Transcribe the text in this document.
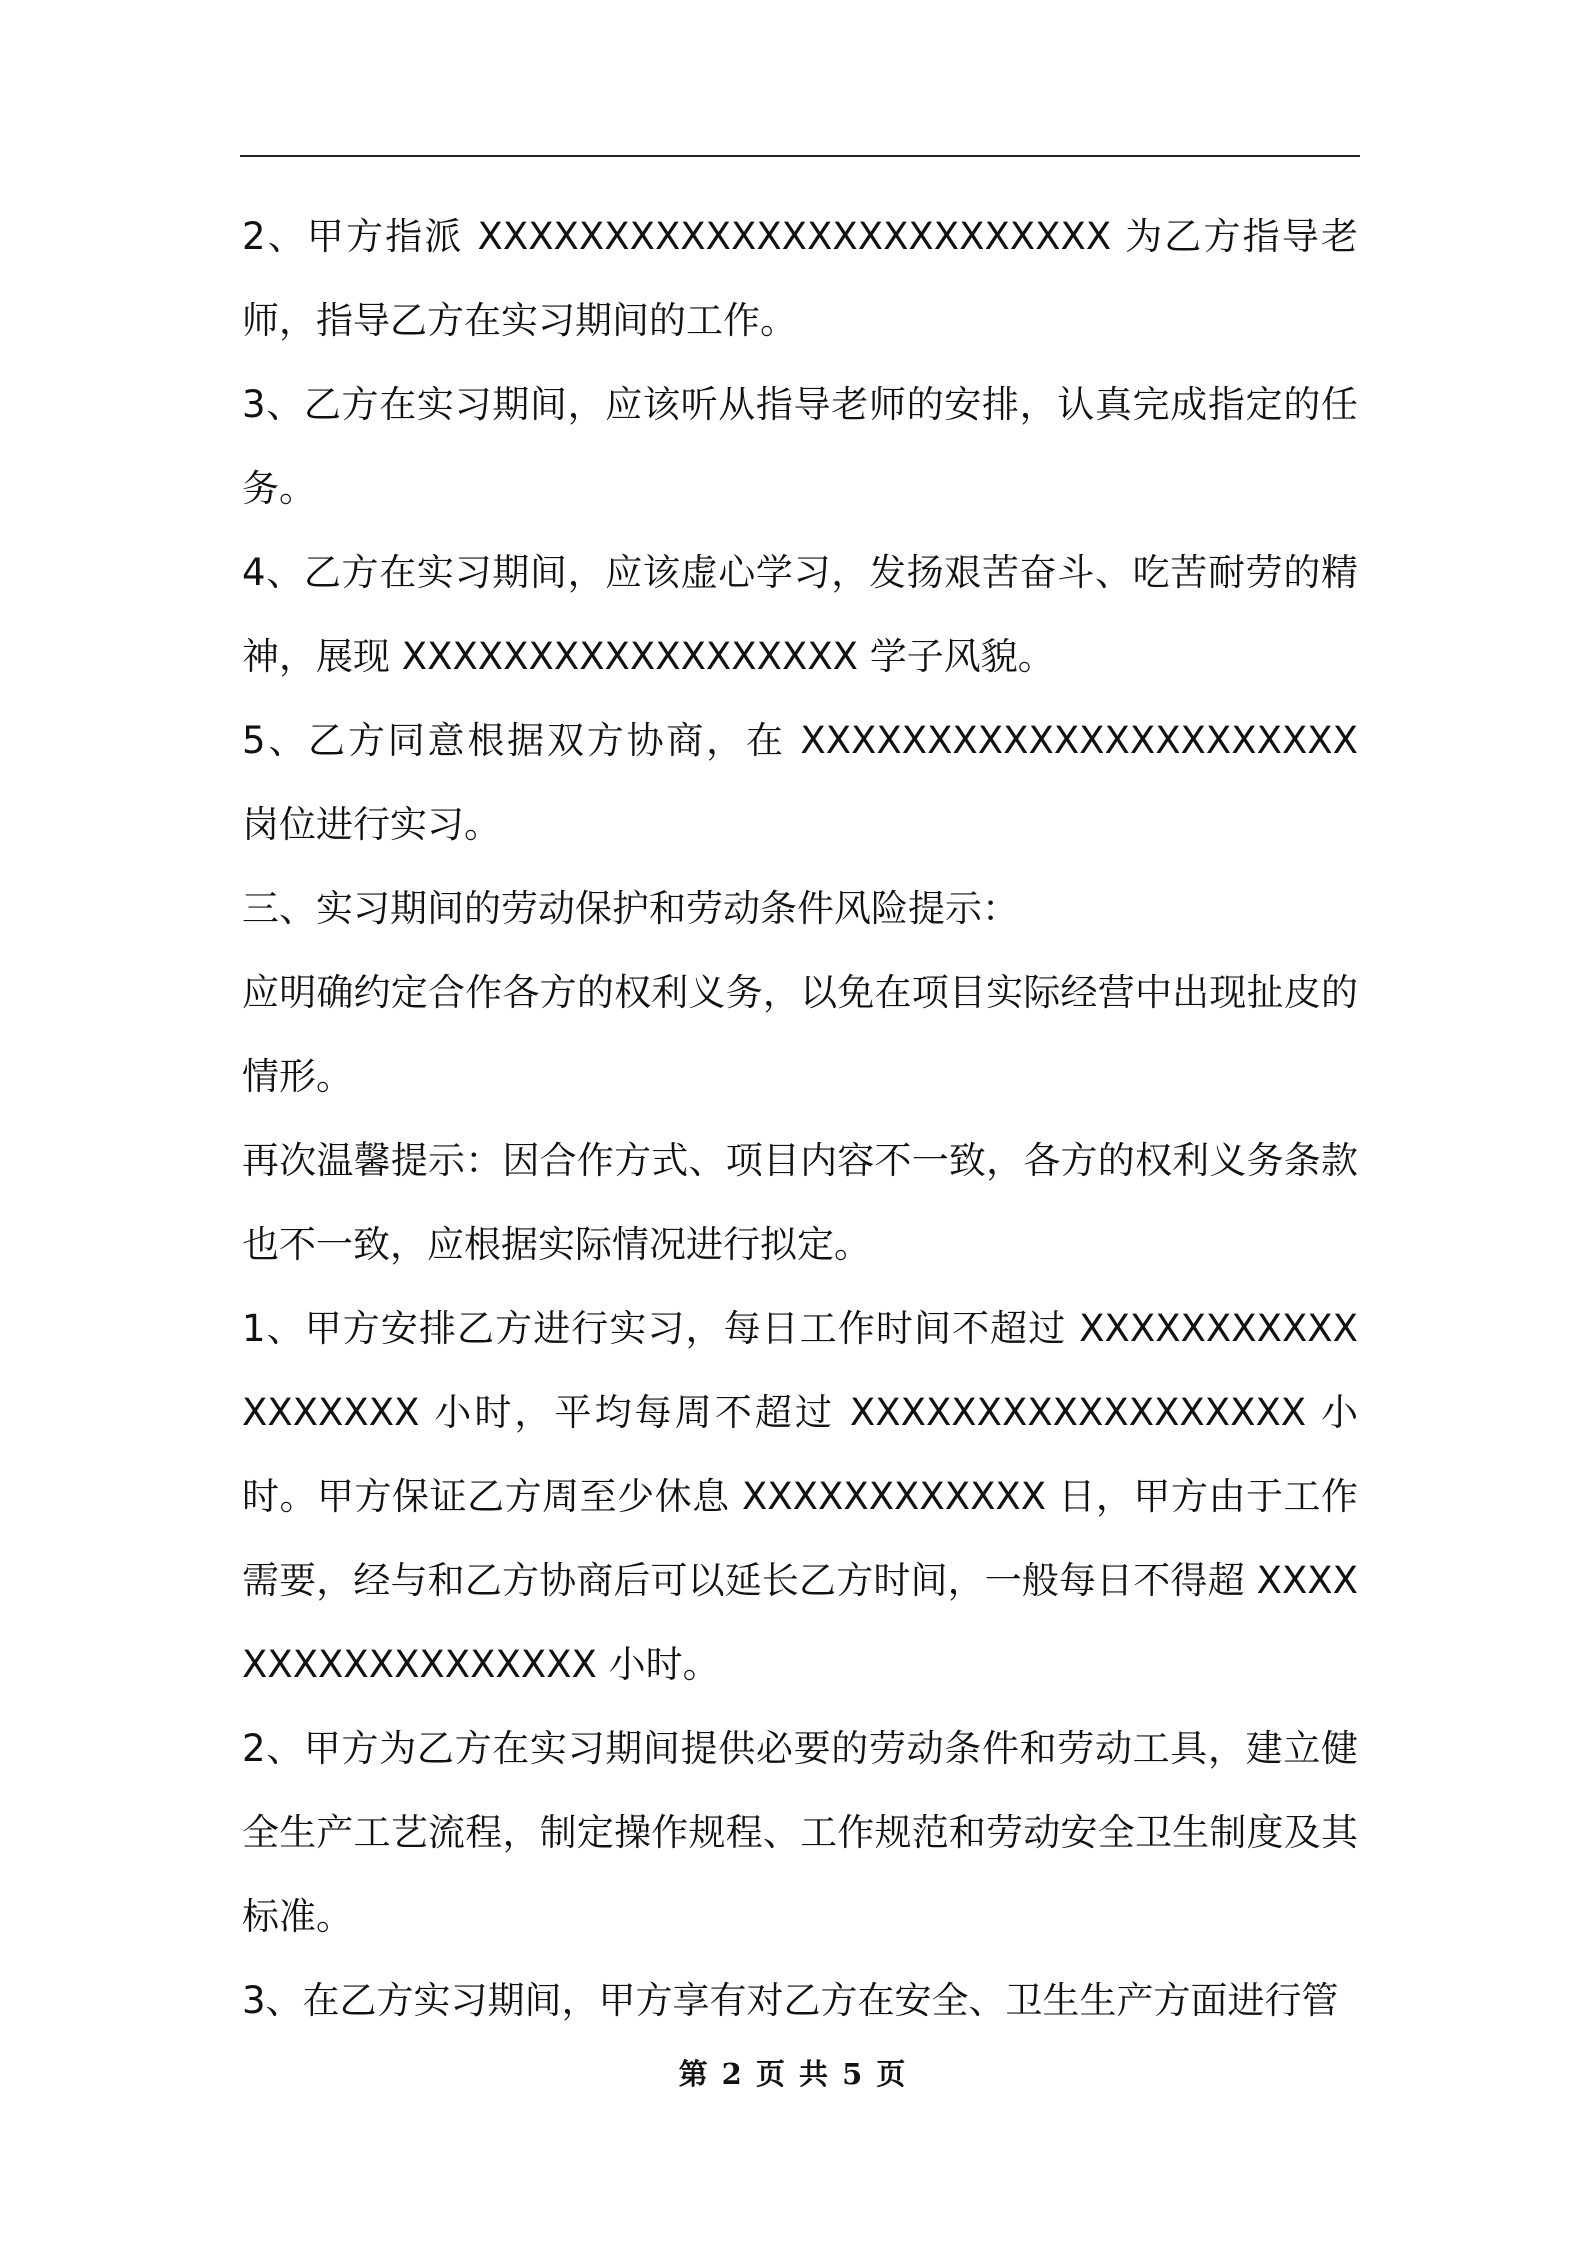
2、甲方指派 XXXXXXXXXXXXXXXXXXXXXXXXX 为乙方指导老师，指导乙方在实习期间的工作。

3、乙方在实习期间，应该听从指导老师的安排，认真完成指定的任务。

4、乙方在实习期间，应该虚心学习，发扬艰苦奋斗、吃苦耐劳的精神，展现 XXXXXXXXXXXXXXXXXX 学子风貌。

5、乙方同意根据双方协商，在 XXXXXXXXXXXXXXXXXXXXXX 岗位进行实习。

三、实习期间的劳动保护和劳动条件风险提示：

应明确约定合作各方的权利义务，以免在项目实际经营中出现扯皮的情形。

再次温馨提示：因合作方式、项目内容不一致，各方的权利义务条款也不一致，应根据实际情况进行拟定。

1、甲方安排乙方进行实习，每日工作时间不超过 XXXXXXXXXXXXXXXXXX 小时，平均每周不超过 XXXXXXXXXXXXXXXXXX 小时。甲方保证乙方周至少休息 XXXXXXXXXXXX 日，甲方由于工作需要，经与和乙方协商后可以延长乙方时间，一般每日不得超 XXXXXXXXXXXXXXXXXX 小时。

2、甲方为乙方在实习期间提供必要的劳动条件和劳动工具，建立健全生产工艺流程，制定操作规程、工作规范和劳动安全卫生制度及其标准。

3、在乙方实习期间，甲方享有对乙方在安全、卫生生产方面进行管

第 2 页 共 5 页
